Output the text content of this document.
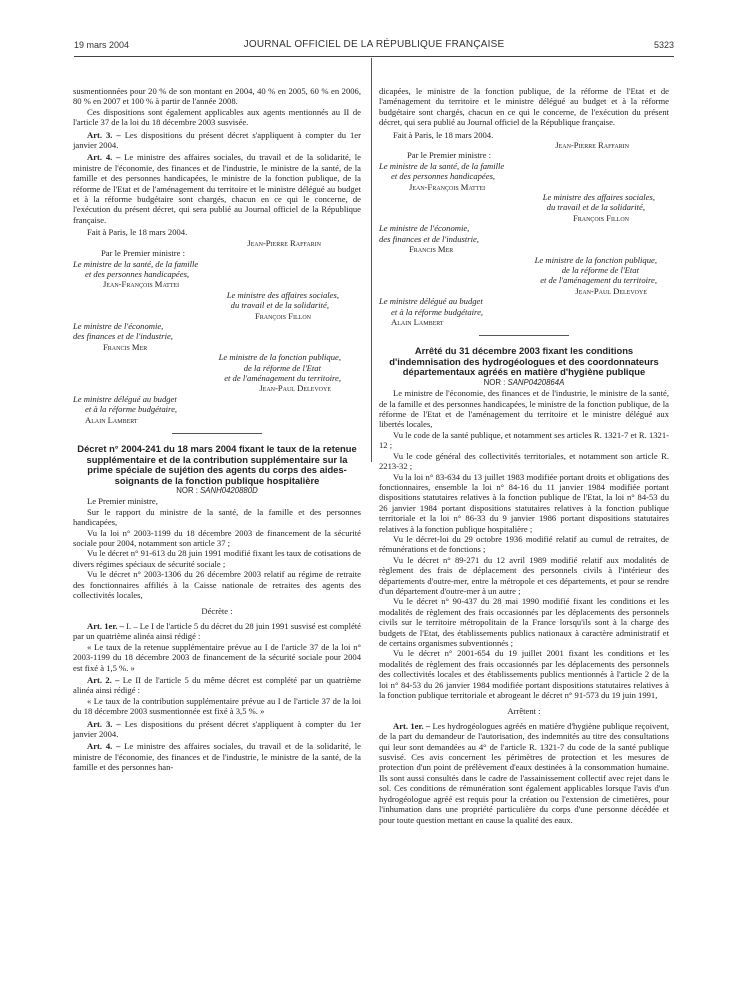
19 mars 2004	JOURNAL OFFICIEL DE LA RÉPUBLIQUE FRANÇAISE	5323

susmentionnées pour 20 % de son montant en 2004, 40 % en 2005, 60 % en 2006, 80 % en 2007 et 100 % à partir de l'année 2008.

Ces dispositions sont également applicables aux agents mentionnés au II de l'article 37 de la loi du 18 décembre 2003 susvisée.

Art. 3. – Les dispositions du présent décret s'appliquent à compter du 1er janvier 2004.

Art. 4. – Le ministre des affaires sociales, du travail et de la solidarité, le ministre de l'économie, des finances et de l'industrie, le ministre de la santé, de la famille et des personnes handicapées, le ministre de la fonction publique, de la réforme de l'Etat et de l'aménagement du territoire et le ministre délégué au budget et à la réforme budgétaire sont chargés, chacun en ce qui le concerne, de l'exécution du présent décret, qui sera publié au Journal officiel de la République française.

Fait à Paris, le 18 mars 2004.

Jean-Pierre Raffarin

Par le Premier ministre :

Le ministre de la santé, de la famille

et des personnes handicapées,

Jean-François Mattei

Le ministre des affaires sociales,

du travail et de la solidarité,

François Fillon

Le ministre de l'économie,

des finances et de l'industrie,

Francis Mer

Le ministre de la fonction publique,

de la réforme de l'Etat

et de l'aménagement du territoire,

Jean-Paul Delevoye

Le ministre délégué au budget

et à la réforme budgétaire,

Alain Lambert

Décret n° 2004-241 du 18 mars 2004 fixant le taux de la retenue supplémentaire et de la contribution supplémentaire sur la prime spéciale de sujétion des agents du corps des aides-soignants de la fonction publique hospitalière

NOR : SANH0420880D

Le Premier ministre,

Sur le rapport du ministre de la santé, de la famille et des personnes handicapées,

Vu la loi n° 2003-1199 du 18 décembre 2003 de financement de la sécurité sociale pour 2004, notamment son article 37 ;

Vu le décret n° 91-613 du 28 juin 1991 modifié fixant les taux de cotisations de divers régimes spéciaux de sécurité sociale ;

Vu le décret n° 2003-1306 du 26 décembre 2003 relatif au régime de retraite des fonctionnaires affiliés à la Caisse nationale de retraites des agents des collectivités locales,

Décrète :

Art. 1er. – I. – Le I de l'article 5 du décret du 28 juin 1991 susvisé est complété par un quatrième alinéa ainsi rédigé :

« Le taux de la retenue supplémentaire prévue au I de l'article 37 de la loi n° 2003-1199 du 18 décembre 2003 de financement de la sécurité sociale pour 2004 est fixé à 1,5 %. »

Art. 2. – Le II de l'article 5 du même décret est complété par un quatrième alinéa ainsi rédigé :

« Le taux de la contribution supplémentaire prévue au I de l'article 37 de la loi du 18 décembre 2003 susmentionnée est fixé à 3,5 %. »

Art. 3. – Les dispositions du présent décret s'appliquent à compter du 1er janvier 2004.

Art. 4. – Le ministre des affaires sociales, du travail et de la solidarité, le ministre de l'économie, des finances et de l'industrie, le ministre de la santé, de la famille et des personnes han-

dicapées, le ministre de la fonction publique, de la réforme de l'Etat et de l'aménagement du territoire et le ministre délégué au budget et à la réforme budgétaire sont chargés, chacun en ce qui le concerne, de l'exécution du présent décret, qui sera publié au Journal officiel de la République française.

Fait à Paris, le 18 mars 2004.

Jean-Pierre Raffarin

Par le Premier ministre :

Le ministre de la santé, de la famille

et des personnes handicapées,

Jean-François Mattei

Le ministre des affaires sociales,

du travail et de la solidarité,

François Fillon

Le ministre de l'économie,

des finances et de l'industrie,

Francis Mer

Le ministre de la fonction publique,

de la réforme de l'Etat

et de l'aménagement du territoire,

Jean-Paul Delevoye

Le ministre délégué au budget

et à la réforme budgétaire,

Alain Lambert

Arrêté du 31 décembre 2003 fixant les conditions d'indemnisation des hydrogéologues et des coordonnateurs départementaux agréés en matière d'hygiène publique

NOR : SANP0420864A

Le ministre de l'économie, des finances et de l'industrie, le ministre de la santé, de la famille et des personnes handicapées, le ministre de la fonction publique, de la réforme de l'Etat et de l'aménagement du territoire et le ministre délégué aux libertés locales,

Vu le code de la santé publique, et notamment ses articles R. 1321-7 et R. 1321-12 ;

Vu le code général des collectivités territoriales, et notamment son article R. 2213-32 ;

Vu la loi n° 83-634 du 13 juillet 1983 modifiée portant droits et obligations des fonctionnaires, ensemble la loi n° 84-16 du 11 janvier 1984 modifiée portant dispositions statutaires relatives à la fonction publique de l'Etat, la loi n° 84-53 du 26 janvier 1984 portant dispositions statutaires relatives à la fonction publique territoriale et la loi n° 86-33 du 9 janvier 1986 portant dispositions statutaires relatives à la fonction publique hospitalière ;

Vu le décret-loi du 29 octobre 1936 modifié relatif au cumul de retraites, de rémunérations et de fonctions ;

Vu le décret n° 89-271 du 12 avril 1989 modifié relatif aux modalités de règlement des frais de déplacement des personnels civils à l'intérieur des départements d'outre-mer, entre la métropole et ces départements, et pour se rendre d'un département d'outre-mer à un autre ;

Vu le décret n° 90-437 du 28 mai 1990 modifié fixant les conditions et les modalités de règlement des frais occasionnés par les déplacements des personnels civils sur le territoire métropolitain de la France lorsqu'ils sont à la charge des budgets de l'Etat, des établissements publics nationaux à caractère administratif et de certains organismes subventionnés ;

Vu le décret n° 2001-654 du 19 juillet 2001 fixant les conditions et les modalités de règlement des frais occasionnés par les déplacements des personnels des collectivités locales et des établissements publics mentionnés à l'article 2 de la loi n° 84-53 du 26 janvier 1984 modifiée portant dispositions statutaires relatives à la fonction publique territoriale et abrogeant le décret n° 91-573 du 19 juin 1991,

Arrêtent :

Art. 1er. – Les hydrogéologues agréés en matière d'hygiène publique reçoivent, de la part du demandeur de l'autorisation, des indemnités au titre des consultations qui leur sont demandées au 4° de l'article R. 1321-7 du code de la santé publique susvisé. Ces avis concernent les périmètres de protection et les mesures de protection d'un point de prélèvement d'eaux destinées à la consommation humaine. Ils sont aussi consultés dans le cadre de l'assainissement collectif avec rejet dans le sol. Ces conditions de rémunération sont également applicables lorsque l'avis d'un hydrogéologue agréé est requis pour la création ou l'extension de cimetières, pour l'inhumation dans une propriété particulière du corps d'une personne décédée et pour toute question mettant en cause la qualité des eaux.
